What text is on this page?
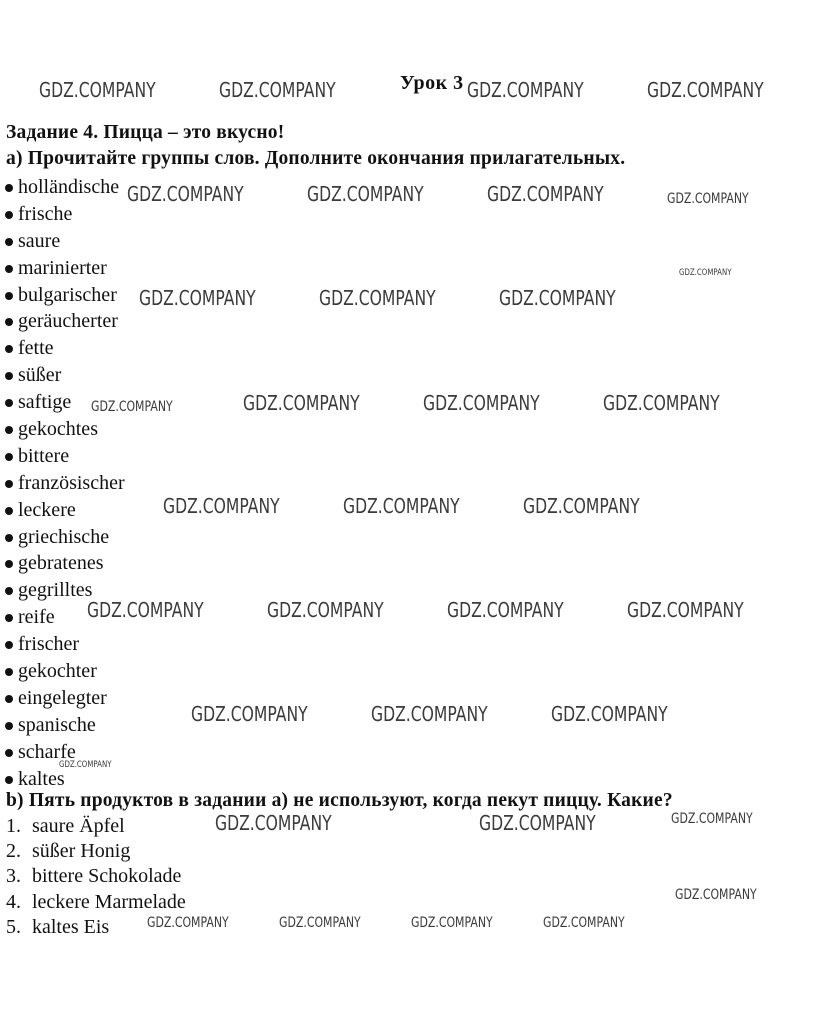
Урок 3
Задание 4. Пицца – это вкусно!
а) Прочитайте группы слов. Дополните окончания прилагательных.
holländische
frische
saure
marinierter
bulgarischer
geräucherter
fette
süßer
saftige
gekochtes
bittere
französischer
leckere
griechische
gebratenes
gegrilltes
reife
frischer
gekochter
eingelegter
spanische
scharfe
kaltes
b) Пять продуктов в задании а) не используют, когда пекут пиццу. Какие?
1. saure Äpfel
2. süßer Honig
3. bittere Schokolade
4. leckere Marmelade
5. kaltes Eis
GDZ.COMPANY	GDZ.COMPANY	GDZ.COMPANY	GDZ.COMPANY
GDZ.COMPANY	GDZ.COMPANY	GDZ.COMPANY	GDZ.COMPANY
GDZ.COMPANY
GDZ.COMPANY	GDZ.COMPANY	GDZ.COMPANY
GDZ.COMPANY	GDZ.COMPANY	GDZ.COMPANY	GDZ.COMPANY
GDZ.COMPANY	GDZ.COMPANY	GDZ.COMPANY
GDZ.COMPANY	GDZ.COMPANY	GDZ.COMPANY	GDZ.COMPANY
GDZ.COMPANY	GDZ.COMPANY	GDZ.COMPANY
GDZ.COMPANY
GDZ.COMPANY	GDZ.COMPANY	GDZ.COMPANY
GDZ.COMPANY
GDZ.COMPANY	GDZ.COMPANY	GDZ.COMPANY	GDZ.COMPANY
